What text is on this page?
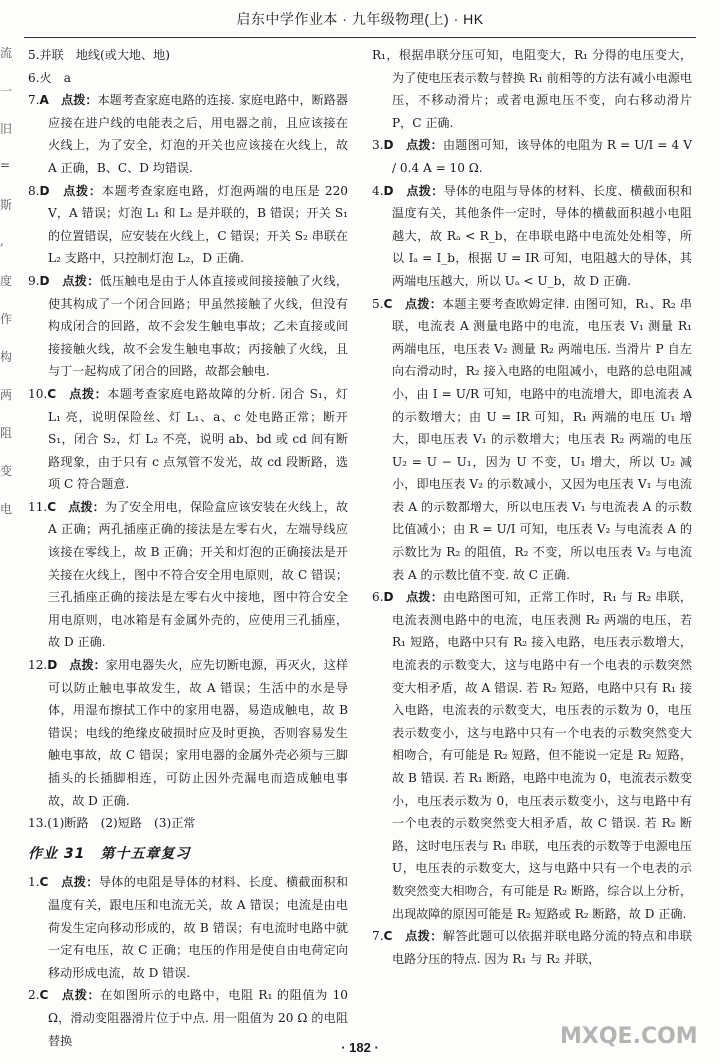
启东中学作业本 · 九年级物理(上) · HK
流
一
旧
=
斯
,
度
作
构
两
阻
变
电

5.并联　地线(或大地、地)

6.火　a

7.A　点拨：本题考查家庭电路的连接. 家庭电路中，断路器应接在进户线的电能表之后，用电器之前，且应该接在火线上，为了安全，灯泡的开关也应该接在火线上，故 A 正确，B、C、D 均错误.

8.D　点拨：本题考查家庭电路，灯泡两端的电压是 220 V，A 错误；灯泡 L₁ 和 L₂ 是并联的，B 错误；开关 S₁ 的位置错误，应安装在火线上，C 错误；开关 S₂ 串联在 L₂ 支路中，只控制灯泡 L₂，D 正确.

9.D　点拨：低压触电是由于人体直接或间接接触了火线，使其构成了一个闭合回路；甲虽然接触了火线，但没有构成闭合的回路，故不会发生触电事故；乙未直接或间接接触火线，故不会发生触电事故；丙接触了火线，且与丁一起构成了闭合的回路，故都会触电.

10.C　点拨：本题考查家庭电路故障的分析. 闭合 S₁，灯 L₁ 亮，说明保险丝、灯 L₁、a、c 处电路正常；断开 S₁，闭合 S₂，灯 L₂ 不亮，说明 ab、bd 或 cd 间有断路现象，由于只有 c 点氖管不发光，故 cd 段断路，选项 C 符合题意.

11.C　点拨：为了安全用电，保险盒应该安装在火线上，故 A 正确；两孔插座正确的接法是左零右火，左端导线应该接在零线上，故 B 正确；开关和灯泡的正确接法是开关接在火线上，图中不符合安全用电原则，故 C 错误；三孔插座正确的接法是左零右火中接地，图中符合安全用电原则，电冰箱是有金属外壳的，应使用三孔插座，故 D 正确.

12.D　点拨：家用电器失火，应先切断电源，再灭火，这样可以防止触电事故发生，故 A 错误；生活中的水是导体，用湿布擦拭工作中的家用电器，易造成触电，故 B 错误；电线的绝缘皮破损时应及时更换，否则容易发生触电事故，故 C 错误；家用电器的金属外壳必须与三脚插头的长插脚相连，可防止因外壳漏电而造成触电事故，故 D 正确.

13.(1)断路　(2)短路　(3)正常

作业 31　第十五章复习

1.C　点拨：导体的电阻是导体的材料、长度、横截面积和温度有关，跟电压和电流无关，故 A 错误；电流是由电荷发生定向移动形成的，故 B 错误；有电流时电路中就一定有电压，故 C 正确；电压的作用是使自由电荷定向移动形成电流，故 D 错误.

2.C　点拨：在如图所示的电路中，电阻 R₁ 的阻值为 10 Ω，滑动变阻器滑片位于中点. 用一阻值为 20 Ω 的电阻替换

R₁，根据串联分压可知，电阻变大，R₁ 分得的电压变大，为了使电压表示数与替换 R₁ 前相等的方法有减小电源电压，不移动滑片；或者电源电压不变，向右移动滑片 P，C 正确.

3.D　点拨：由题图可知，该导体的电阻为 R = U/I = 4 V / 0.4 A = 10 Ω.

4.D　点拨：导体的电阻与导体的材料、长度、横截面积和温度有关，其他条件一定时，导体的横截面积越小电阻越大，故 Rₐ < R_b，在串联电路中电流处处相等，所以 Iₐ = I_b，根据 U = IR 可知，电阻越大的导体，其两端电压越大，所以 Uₐ < U_b，故 D 正确.

5.C　点拨：本题主要考查欧姆定律. 由图可知，R₁、R₂ 串联，电流表 A 测量电路中的电流，电压表 V₁ 测量 R₁ 两端电压，电压表 V₂ 测量 R₂ 两端电压. 当滑片 P 自左向右滑动时，R₂ 接入电路的电阻减小，电路的总电阻减小，由 I = U/R 可知，电路中的电流增大，即电流表 A 的示数增大；由 U = IR 可知，R₁ 两端的电压 U₁ 增大，即电压表 V₁ 的示数增大；电压表 R₂ 两端的电压 U₂ = U − U₁，因为 U 不变，U₁ 增大，所以 U₂ 减小，即电压表 V₂ 的示数减小，又因为电压表 V₁ 与电流表 A 的示数都增大，所以电压表 V₁ 与电流表 A 的示数比值减小；由 R = U/I 可知，电压表 V₂ 与电流表 A 的示数比为 R₂ 的阻值，R₂ 不变，所以电压表 V₂ 与电流表 A 的示数比值不变. 故 C 正确.

6.D　点拨：由电路图可知，正常工作时，R₁ 与 R₂ 串联，电流表测电路中的电流，电压表测 R₂ 两端的电压，若 R₁ 短路，电路中只有 R₂ 接入电路，电压表示数增大，电流表的示数变大，这与电路中有一个电表的示数突然变大相矛盾，故 A 错误. 若 R₂ 短路，电路中只有 R₁ 接入电路，电流表的示数变大，电压表的示数为 0，电压表示数变小，这与电路中只有一个电表的示数突然变大相吻合，有可能是 R₂ 短路，但不能说一定是 R₂ 短路，故 B 错误. 若 R₁ 断路，电路中电流为 0，电流表示数变小，电压表示数为 0，电压表示数变小，这与电路中有一个电表的示数突然变大相矛盾，故 C 错误. 若 R₂ 断路，这时电压表与 R₁ 串联，电压表的示数等于电源电压 U，电压表的示数变大，这与电路中只有一个电表的示数突然变大相吻合，有可能是 R₂ 断路，综合以上分析，出现故障的原因可能是 R₂ 短路或 R₂ 断路，故 D 正确.

7.C　点拨：解答此题可以依据并联电路分流的特点和串联电路分压的特点. 因为 R₁ 与 R₂ 并联，

· 182 ·	MXQE.COM
